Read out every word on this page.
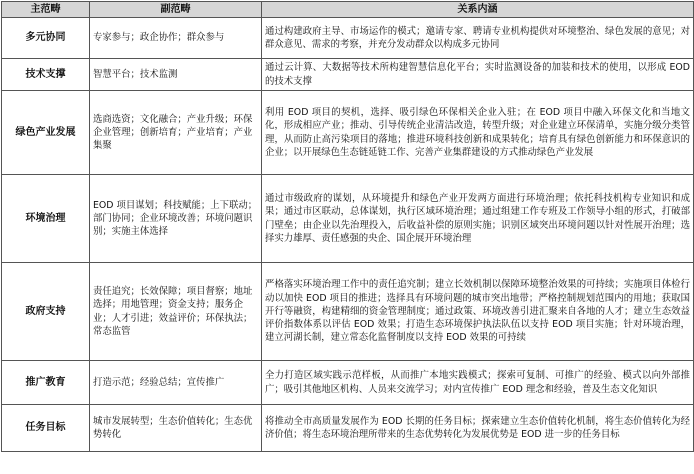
主范畴	副范畴	关系内涵
多元协同	专家参与；政企协作；群众参与	通过构建政府主导、市场运作的模式；邀请专家、聘请专业机构提供对环境整治、绿色发展的意见；对群众意见、需求的考察，并充分发动群众以构成多元协同
技术支撑	智慧平台；技术监测	通过云计算、大数据等技术所构建智慧信息化平台；实时监测设备的加装和技术的使用，以形成 EOD 的技术支撑
绿色产业发展	选商选资；文化融合；产业升级；环保企业管理；创新培育；产业培育；产业集聚	利用 EOD 项目的契机，选择、吸引绿色环保相关企业入驻；在 EOD 项目中融入环保文化和当地文化，形成相应产业；推动、引导传统企业清洁改造，转型升级；对企业建立环保清单，实施分级分类管理，从而防止高污染项目的落地；推进环境科技创新和成果转化；培育具有绿色创新能力和环保意识的企业；以开展绿色生态链延链工作、完善产业集群建设的方式推动绿色产业发展
环境治理	EOD 项目谋划；科技赋能；上下联动；部门协同；企业环境改善；环境问题识别；实施主体选择	通过市级政府的谋划，从环境提升和绿色产业开发两方面进行环境治理；依托科技机构专业知识和成果；通过市区联动，总体谋划，执行区域环境治理；通过组建工作专班及工作领导小组的形式，打破部门壁垒；由企业以先治理投入，后收益补偿的原则实施；识别区域突出环境问题以针对性展开治理；选择实力雄厚、责任感强的央企、国企展开环境治理
政府支持	责任追究；长效保障；项目督察；地址选择；用地管理；资金支持；服务企业；人才引进；效益评价；环保执法；常态监管	严格落实环境治理工作中的责任追究制；建立长效机制以保障环境整治效果的可持续；实施项目体检行动以加快 EOD 项目的推进；选择具有环境问题的城市突出地带；严格控制规划范围内的用地；获取国开行等融资，构建精细的资金管理制度；通过政策、环境改善引进汇聚来自各地的人才；建立生态效益评价指数体系以评估 EOD 效果；打造生态环境保护执法队伍以支持 EOD 项目实施；针对环境治理，建立河湖长制，建立常态化监督制度以支持 EOD 效果的可持续
推广教育	打造示范；经验总结；宣传推广	全力打造区域实践示范样板，从而推广本地实践模式；探索可复制、可推广的经验、模式以向外部推广；吸引其他地区机构、人员来交流学习；对内宣传推广 EOD 理念和经验，普及生态文化知识
任务目标	城市发展转型；生态价值转化；生态优势转化	将推动全市高质量发展作为 EOD 长期的任务目标；探索建立生态价值转化机制，将生态价值转化为经济价值；将生态环境治理所带来的生态优势转化为发展优势是 EOD 进一步的任务目标
